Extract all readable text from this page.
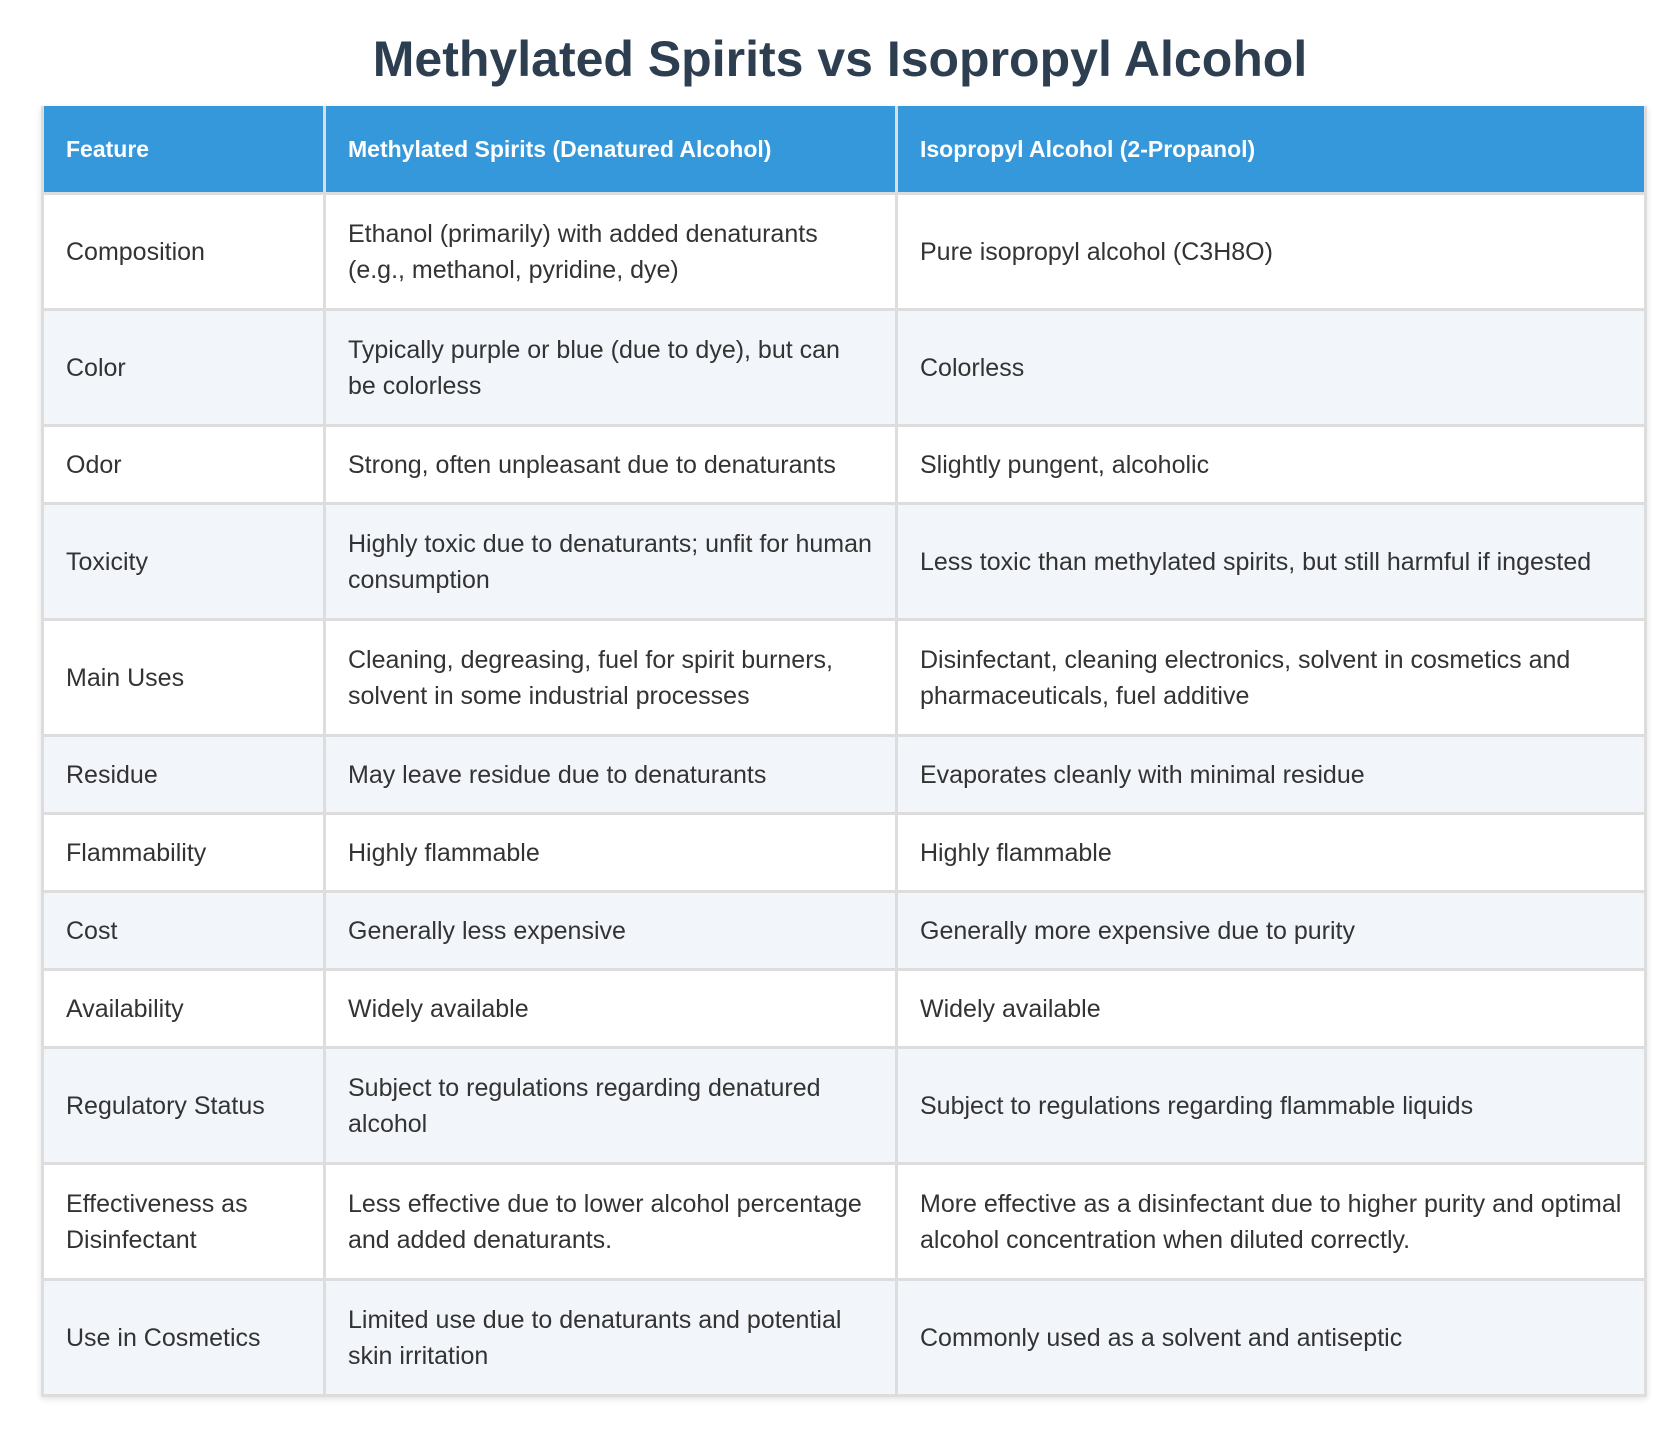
Methylated Spirits vs Isopropyl Alcohol
Feature	Methylated Spirits (Denatured Alcohol)	Isopropyl Alcohol (2-Propanol)
Composition	Ethanol (primarily) with added denaturants (e.g., methanol, pyridine, dye)	Pure isopropyl alcohol (C3H8O)
Color	Typically purple or blue (due to dye), but can be colorless	Colorless
Odor	Strong, often unpleasant due to denaturants	Slightly pungent, alcoholic
Toxicity	Highly toxic due to denaturants; unfit for human consumption	Less toxic than methylated spirits, but still harmful if ingested
Main Uses	Cleaning, degreasing, fuel for spirit burners, solvent in some industrial processes	Disinfectant, cleaning electronics, solvent in cosmetics and pharmaceuticals, fuel additive
Residue	May leave residue due to denaturants	Evaporates cleanly with minimal residue
Flammability	Highly flammable	Highly flammable
Cost	Generally less expensive	Generally more expensive due to purity
Availability	Widely available	Widely available
Regulatory Status	Subject to regulations regarding denatured alcohol	Subject to regulations regarding flammable liquids
Effectiveness as Disinfectant	Less effective due to lower alcohol percentage and added denaturants.	More effective as a disinfectant due to higher purity and optimal alcohol concentration when diluted correctly.
Use in Cosmetics	Limited use due to denaturants and potential skin irritation	Commonly used as a solvent and antiseptic
